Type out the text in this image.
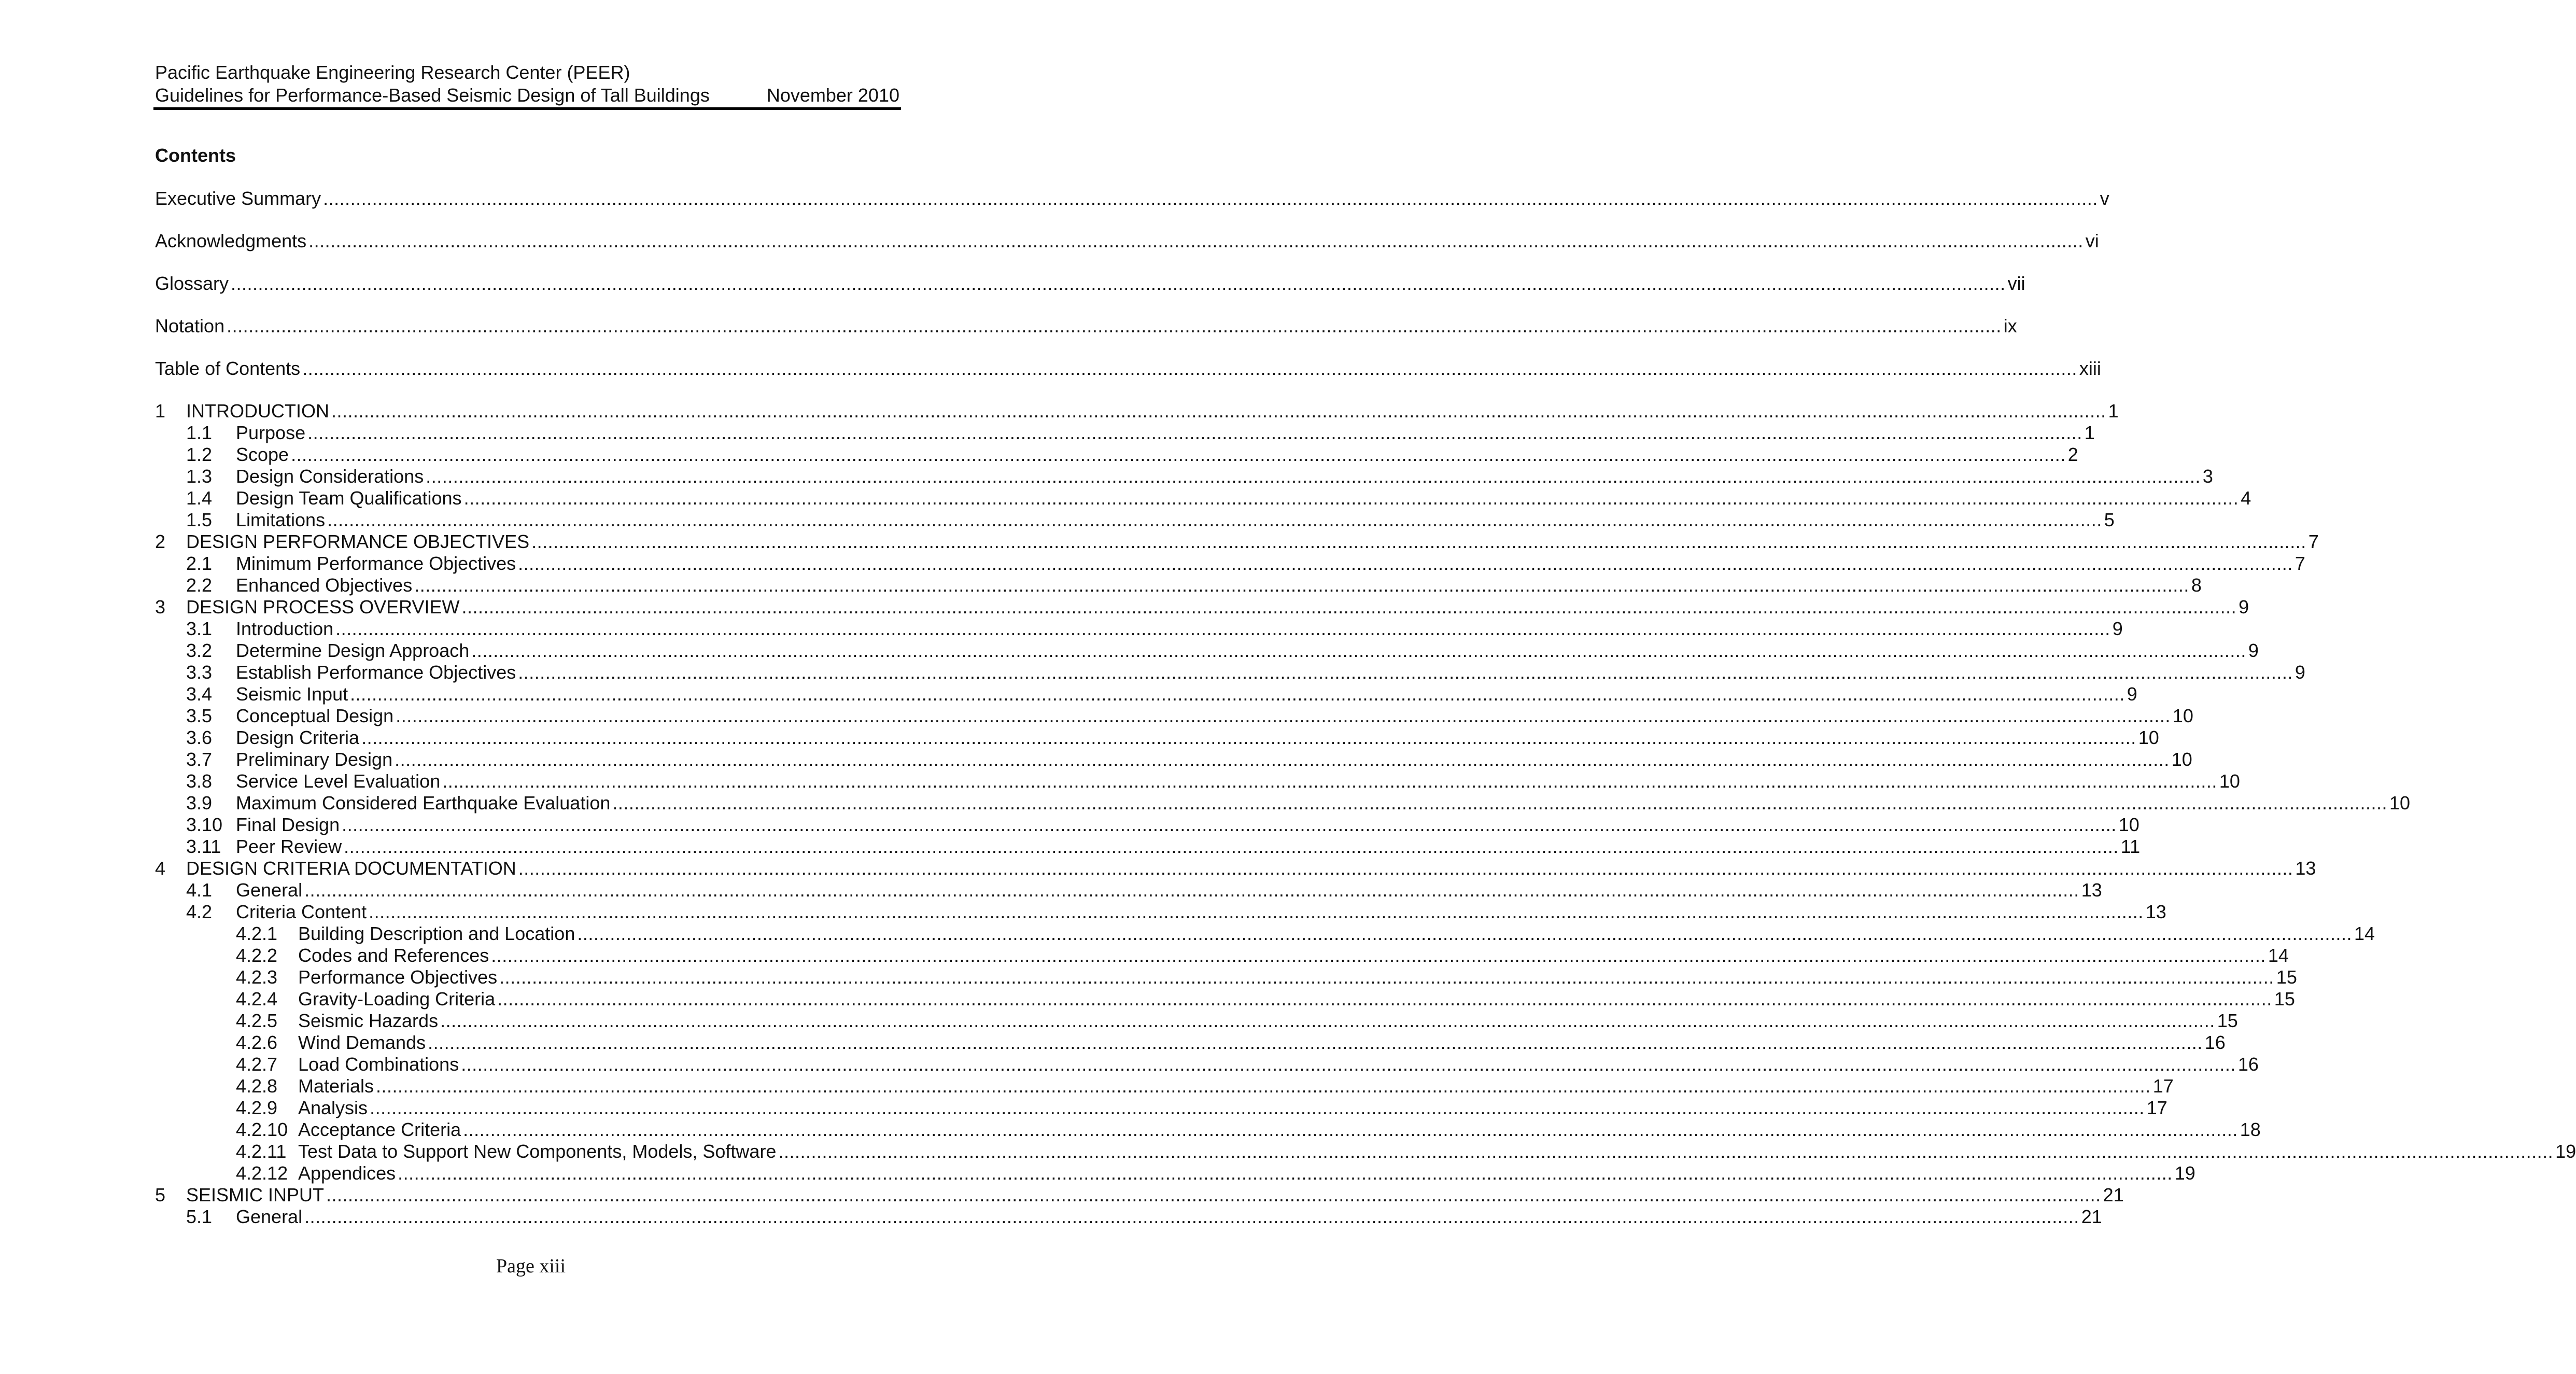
Pacific Earthquake Engineering Research Center (PEER)
Guidelines for Performance-Based Seismic Design of Tall Buildings	November 2010
Contents
Executive Summary ...................................................................................................................................................................................................................................................................................................................................... v
Acknowledgments ...................................................................................................................................................................................................................................................................................................................................... vi
Glossary ...................................................................................................................................................................................................................................................................................................................................... vii
Notation ...................................................................................................................................................................................................................................................................................................................................... ix
Table of Contents ...................................................................................................................................................................................................................................................................................................................................... xiii
1	INTRODUCTION ...................................................................................................................................................................................................................................................................................................................................... 1
1.1	Purpose ...................................................................................................................................................................................................................................................................................................................................... 1
1.2	Scope ...................................................................................................................................................................................................................................................................................................................................... 2
1.3	Design Considerations ...................................................................................................................................................................................................................................................................................................................................... 3
1.4	Design Team Qualifications ...................................................................................................................................................................................................................................................................................................................................... 4
1.5	Limitations ...................................................................................................................................................................................................................................................................................................................................... 5
2	DESIGN PERFORMANCE OBJECTIVES ...................................................................................................................................................................................................................................................................................................................................... 7
2.1	Minimum Performance Objectives ...................................................................................................................................................................................................................................................................................................................................... 7
2.2	Enhanced Objectives ...................................................................................................................................................................................................................................................................................................................................... 8
3	DESIGN PROCESS OVERVIEW ...................................................................................................................................................................................................................................................................................................................................... 9
3.1	Introduction ...................................................................................................................................................................................................................................................................................................................................... 9
3.2	Determine Design Approach ...................................................................................................................................................................................................................................................................................................................................... 9
3.3	Establish Performance Objectives ...................................................................................................................................................................................................................................................................................................................................... 9
3.4	Seismic Input ...................................................................................................................................................................................................................................................................................................................................... 9
3.5	Conceptual Design ...................................................................................................................................................................................................................................................................................................................................... 10
3.6	Design Criteria ...................................................................................................................................................................................................................................................................................................................................... 10
3.7	Preliminary Design ...................................................................................................................................................................................................................................................................................................................................... 10
3.8	Service Level Evaluation ...................................................................................................................................................................................................................................................................................................................................... 10
3.9	Maximum Considered Earthquake Evaluation ...................................................................................................................................................................................................................................................................................................................................... 10
3.10 Final Design ...................................................................................................................................................................................................................................................................................................................................... 10
3.11 Peer Review ...................................................................................................................................................................................................................................................................................................................................... 11
4	DESIGN CRITERIA DOCUMENTATION ...................................................................................................................................................................................................................................................................................................................................... 13
4.1	General ...................................................................................................................................................................................................................................................................................................................................... 13
4.2	Criteria Content ...................................................................................................................................................................................................................................................................................................................................... 13
4.2.1	Building Description and Location ...................................................................................................................................................................................................................................................................................................................................... 14
4.2.2	Codes and References ...................................................................................................................................................................................................................................................................................................................................... 14
4.2.3	Performance Objectives ...................................................................................................................................................................................................................................................................................................................................... 15
4.2.4	Gravity-Loading Criteria ...................................................................................................................................................................................................................................................................................................................................... 15
4.2.5	Seismic Hazards ...................................................................................................................................................................................................................................................................................................................................... 15
4.2.6	Wind Demands ...................................................................................................................................................................................................................................................................................................................................... 16
4.2.7	Load Combinations ...................................................................................................................................................................................................................................................................................................................................... 16
4.2.8	Materials ...................................................................................................................................................................................................................................................................................................................................... 17
4.2.9	Analysis ...................................................................................................................................................................................................................................................................................................................................... 17
4.2.10 Acceptance Criteria ...................................................................................................................................................................................................................................................................................................................................... 18
4.2.11 Test Data to Support New Components, Models, Software ...................................................................................................................................................................................................................................................................................................................................... 19
4.2.12 Appendices ...................................................................................................................................................................................................................................................................................................................................... 19
5	SEISMIC INPUT ...................................................................................................................................................................................................................................................................................................................................... 21
5.1	General ...................................................................................................................................................................................................................................................................................................................................... 21
Page xiii
